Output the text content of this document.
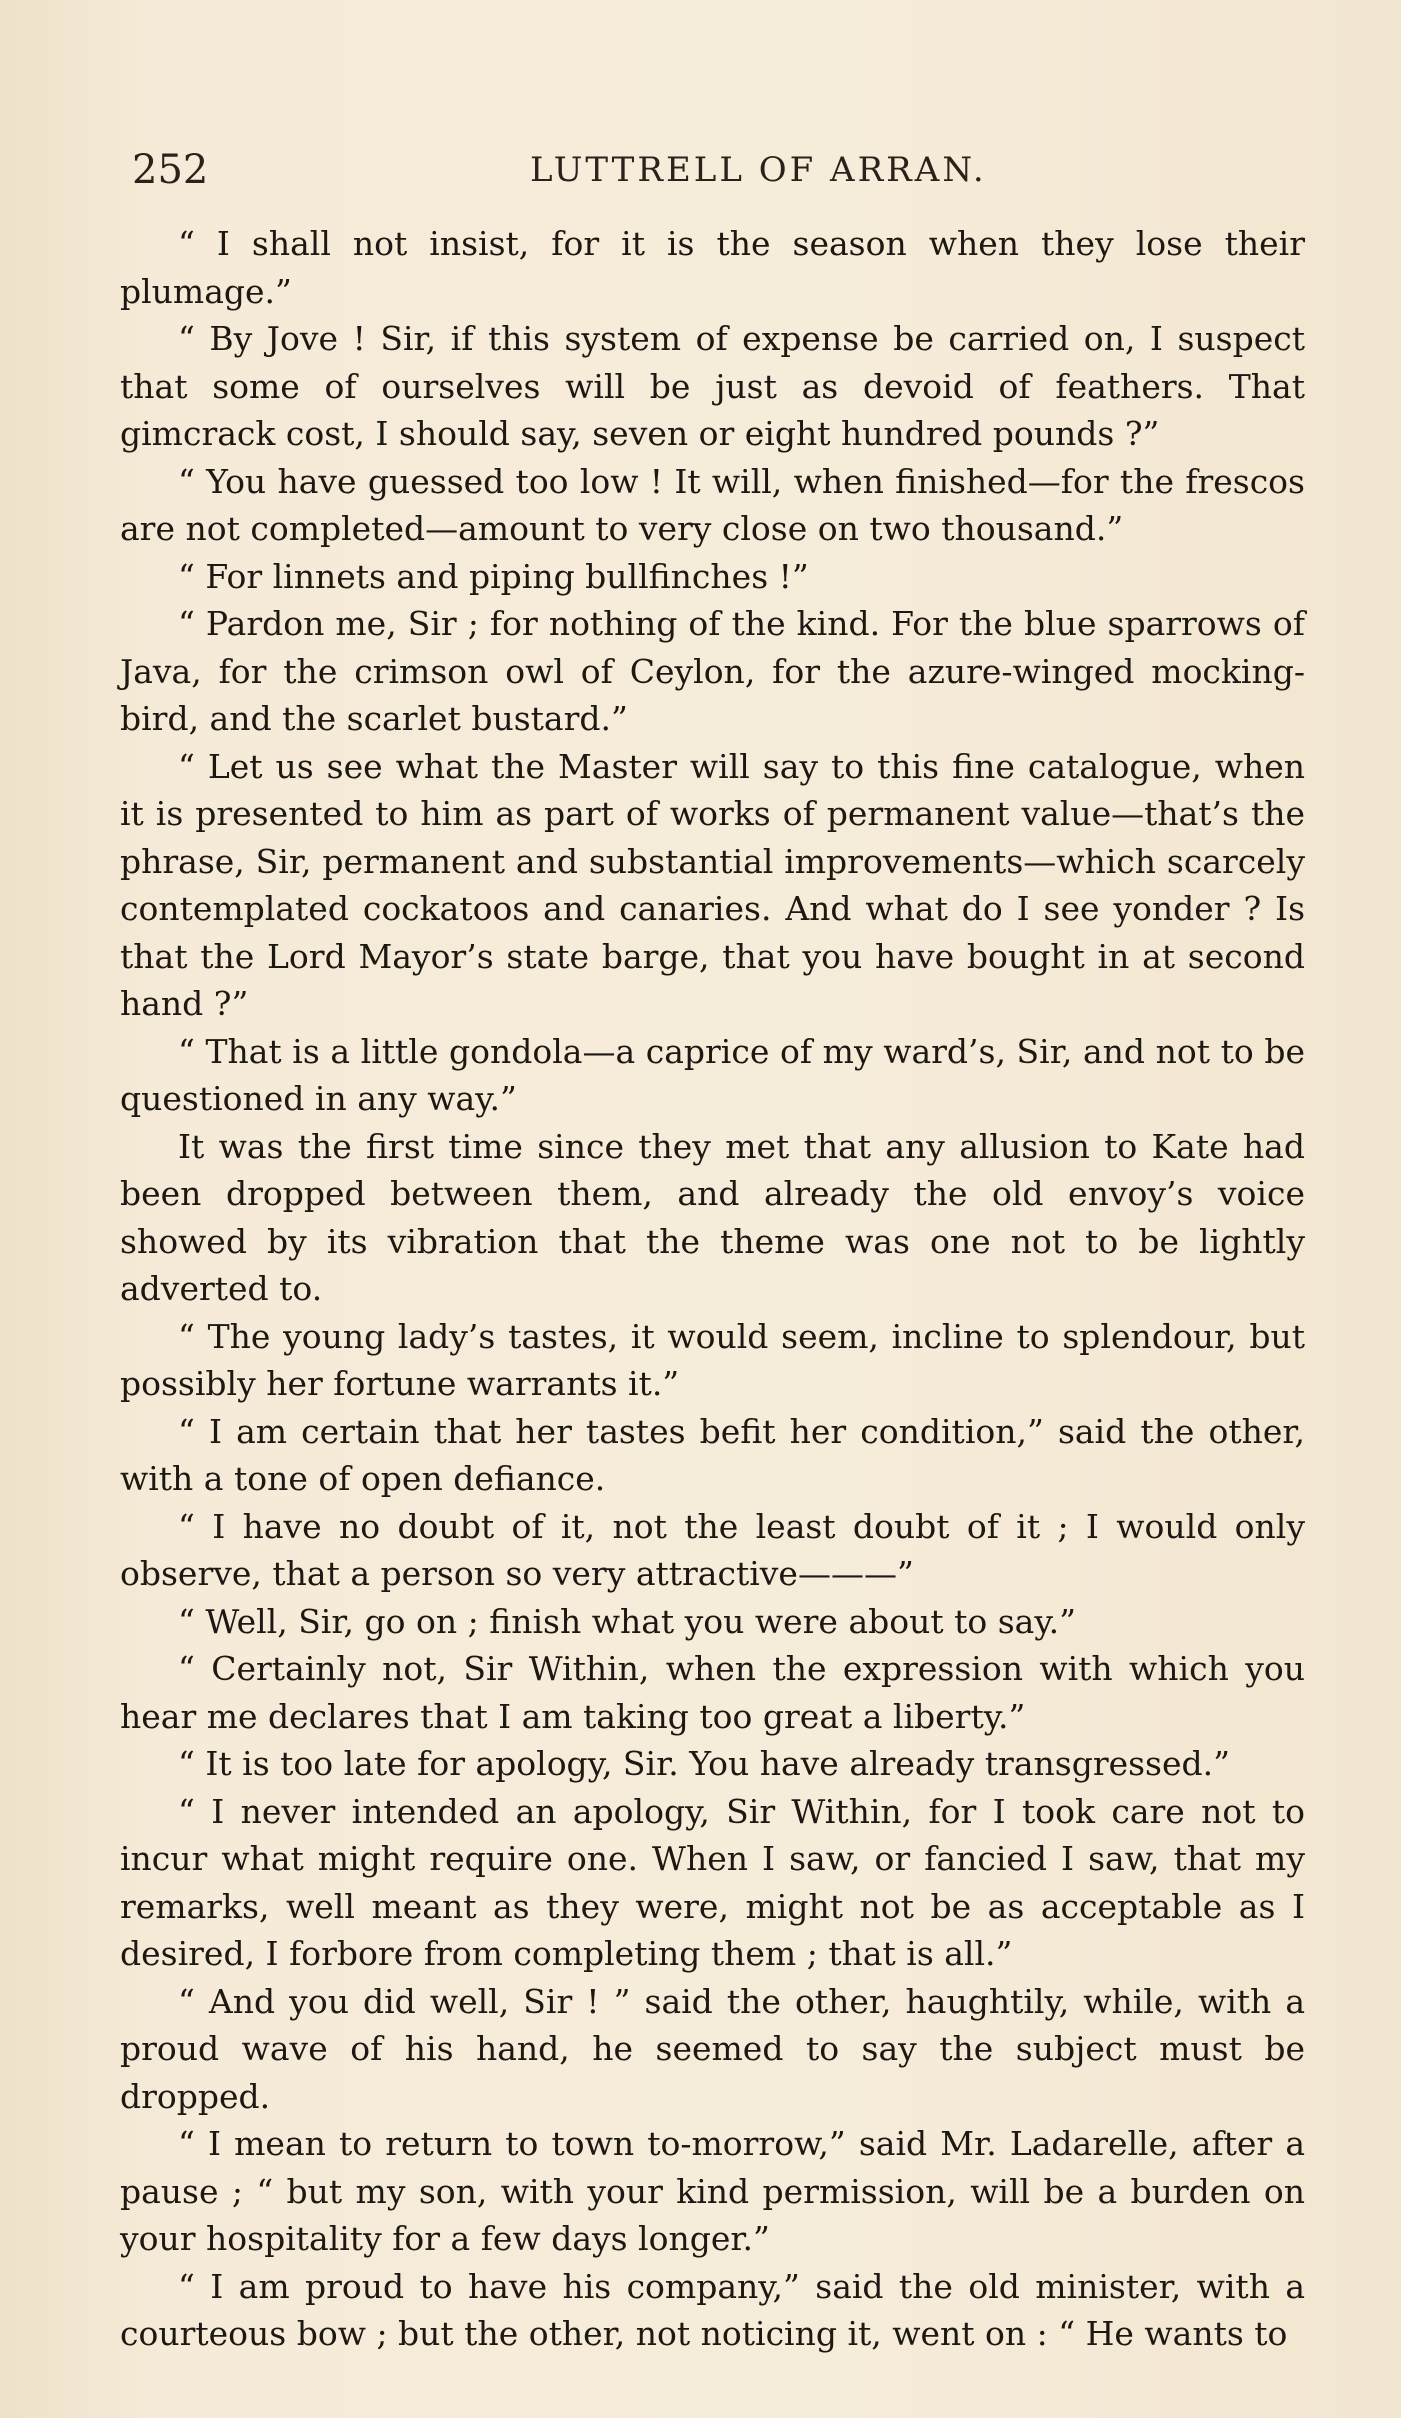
252	LUTTRELL OF ARRAN.

“ I shall not insist, for it is the season when they lose their plumage.”

“ By Jove ! Sir, if this system of expense be carried on, I suspect that some of ourselves will be just as devoid of feathers. That gimcrack cost, I should say, seven or eight hundred pounds ?”

“ You have guessed too low ! It will, when finished—for the frescos are not completed—amount to very close on two thousand.”

“ For linnets and piping bullfinches !”

“ Pardon me, Sir ; for nothing of the kind. For the blue sparrows of Java, for the crimson owl of Ceylon, for the azure-winged mocking-bird, and the scarlet bustard.”

“ Let us see what the Master will say to this fine catalogue, when it is presented to him as part of works of permanent value—that’s the phrase, Sir, permanent and substantial improvements—which scarcely contemplated cockatoos and canaries. And what do I see yonder ? Is that the Lord Mayor’s state barge, that you have bought in at second hand ?”

“ That is a little gondola—a caprice of my ward’s, Sir, and not to be questioned in any way.”

It was the first time since they met that any allusion to Kate had been dropped between them, and already the old envoy’s voice showed by its vibration that the theme was one not to be lightly adverted to.

“ The young lady’s tastes, it would seem, incline to splendour, but possibly her fortune warrants it.”

“ I am certain that her tastes befit her condition,” said the other, with a tone of open defiance.

“ I have no doubt of it, not the least doubt of it ; I would only observe, that a person so very attractive———”

“ Well, Sir, go on ; finish what you were about to say.”

“ Certainly not, Sir Within, when the expression with which you hear me declares that I am taking too great a liberty.”

“ It is too late for apology, Sir. You have already transgressed.”

“ I never intended an apology, Sir Within, for I took care not to incur what might require one. When I saw, or fancied I saw, that my remarks, well meant as they were, might not be as acceptable as I desired, I forbore from completing them ; that is all.”

“ And you did well, Sir ! ” said the other, haughtily, while, with a proud wave of his hand, he seemed to say the subject must be dropped.

“ I mean to return to town to-morrow,” said Mr. Ladarelle, after a pause ; “ but my son, with your kind permission, will be a burden on your hospitality for a few days longer.”

“ I am proud to have his company,” said the old minister, with a courteous bow ; but the other, not noticing it, went on : “ He wants to
